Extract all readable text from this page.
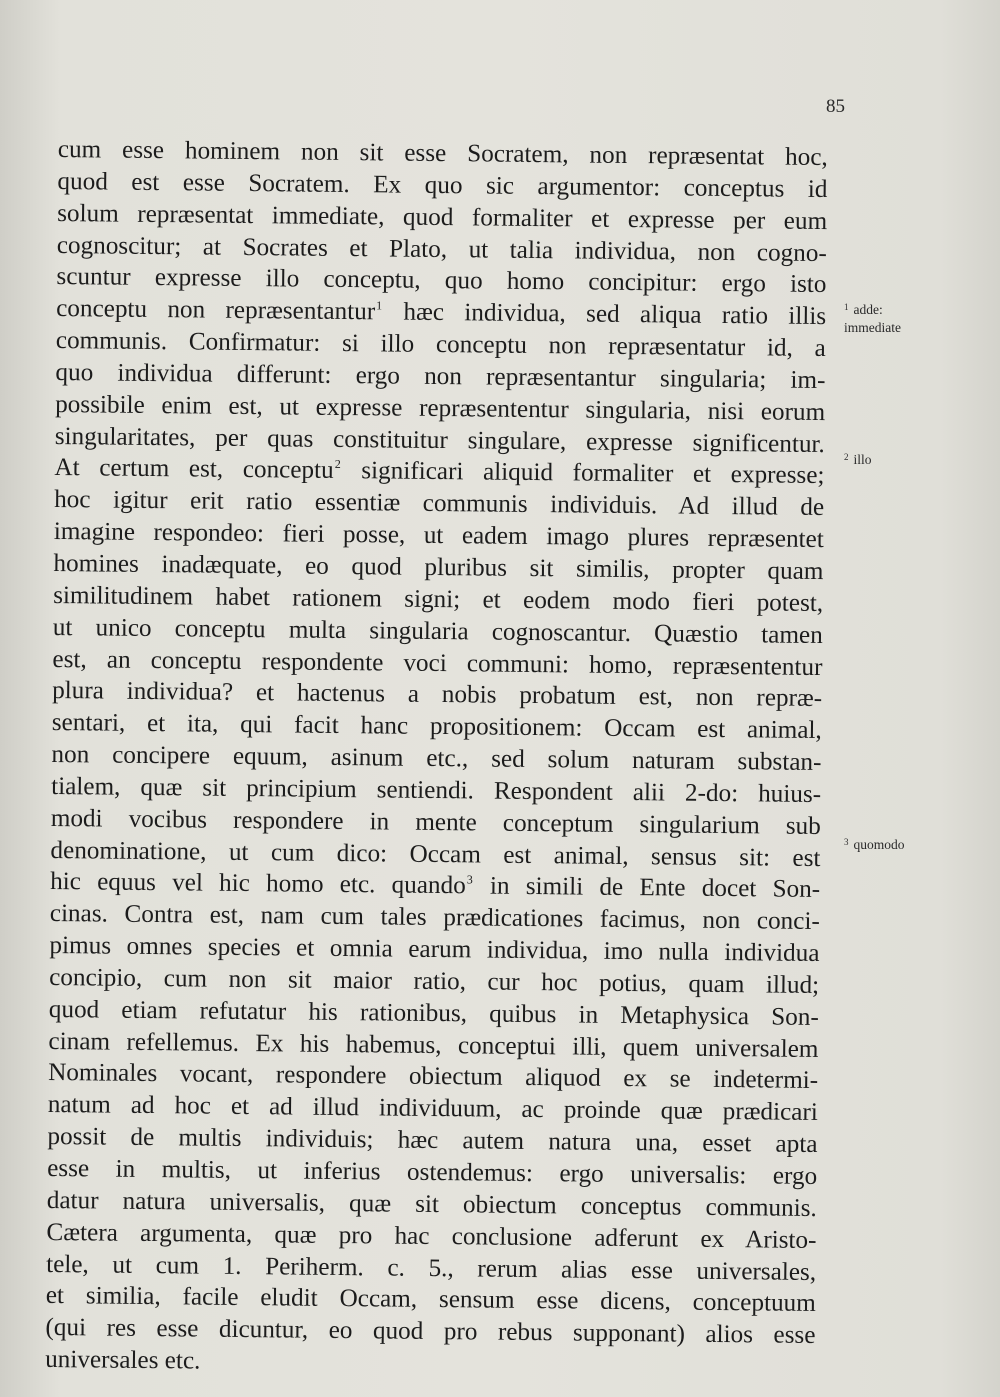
85
cum esse hominem non sit esse Socratem, non repræsentat hoc,
quod est esse Socratem. Ex quo sic argumentor: conceptus id
solum repræsentat immediate, quod formaliter et expresse per eum
cognoscitur; at Socrates et Plato, ut talia individua, non cogno-
scuntur expresse illo conceptu, quo homo concipitur: ergo isto
conceptu non repræsentantur$^1$ hæc individua, sed aliqua ratio illis
communis. Confirmatur: si illo conceptu non repræsentatur id, a
quo individua differunt: ergo non repræsentantur singularia; im-
possibile enim est, ut expresse repræsententur singularia, nisi eorum
singularitates, per quas constituitur singulare, expresse significentur.
At certum est, conceptu$^2$ significari aliquid formaliter et expresse;
hoc igitur erit ratio essentiæ communis individuis. Ad illud de
imagine respondeo: fieri posse, ut eadem imago plures repræsentet
homines inadæquate, eo quod pluribus sit similis, propter quam
similitudinem habet rationem signi; et eodem modo fieri potest,
ut unico conceptu multa singularia cognoscantur. Quæstio tamen
est, an conceptu respondente voci communi: homo, repræsententur
plura individua? et hactenus a nobis probatum est, non repræ-
sentari, et ita, qui facit hanc propositionem: Occam est animal,
non concipere equum, asinum etc., sed solum naturam substan-
tialem, quæ sit principium sentiendi. Respondent alii 2-do: huius-
modi vocibus respondere in mente conceptum singularium sub
denominatione, ut cum dico: Occam est animal, sensus sit: est
hic equus vel hic homo etc. quando$^3$ in simili de Ente docet Son-
cinas. Contra est, nam cum tales prædicationes facimus, non conci-
pimus omnes species et omnia earum individua, imo nulla individua
concipio, cum non sit maior ratio, cur hoc potius, quam illud;
quod etiam refutatur his rationibus, quibus in Metaphysica Son-
cinam refellemus. Ex his habemus, conceptui illi, quem universalem
Nominales vocant, respondere obiectum aliquod ex se indetermi-
natum ad hoc et ad illud individuum, ac proinde quæ prædicari
possit de multis individuis; hæc autem natura una, esset apta
esse in multis, ut inferius ostendemus: ergo universalis: ergo
datur natura universalis, quæ sit obiectum conceptus communis.
Cætera argumenta, quæ pro hac conclusione adferunt ex Aristo-
tele, ut cum 1. Periherm. c. 5., rerum alias esse universales,
et similia, facile eludit Occam, sensum esse dicens, conceptuum
(qui res esse dicuntur, eo quod pro rebus supponant) alios esse
universales etc.
$^1$ adde:
immediate
$^2$ illo
$^3$ quomodo
